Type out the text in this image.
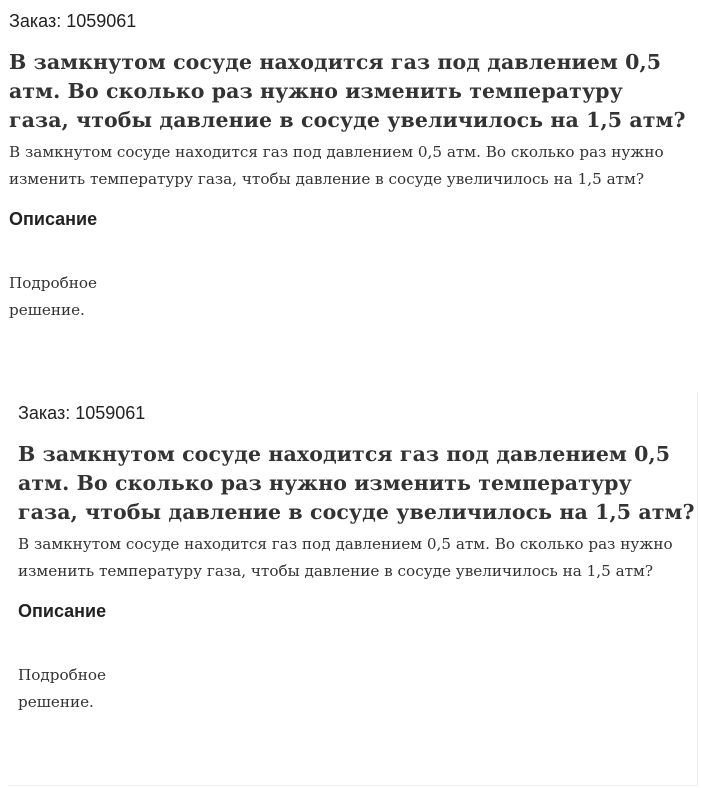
Заказ: 1059061

В замкнутом сосуде находится газ под давлением 0,5 атм. Во сколько раз нужно изменить температуру газа, чтобы давление в сосуде увеличилось на 1,5 атм?

В замкнутом сосуде находится газ под давлением 0,5 атм. Во сколько раз нужно изменить температуру газа, чтобы давление в сосуде увеличилось на 1,5 атм?

Описание

Подробное решение.

Заказ: 1059061

В замкнутом сосуде находится газ под давлением 0,5 атм. Во сколько раз нужно изменить температуру газа, чтобы давление в сосуде увеличилось на 1,5 атм?

В замкнутом сосуде находится газ под давлением 0,5 атм. Во сколько раз нужно изменить температуру газа, чтобы давление в сосуде увеличилось на 1,5 атм?

Описание

Подробное решение.
